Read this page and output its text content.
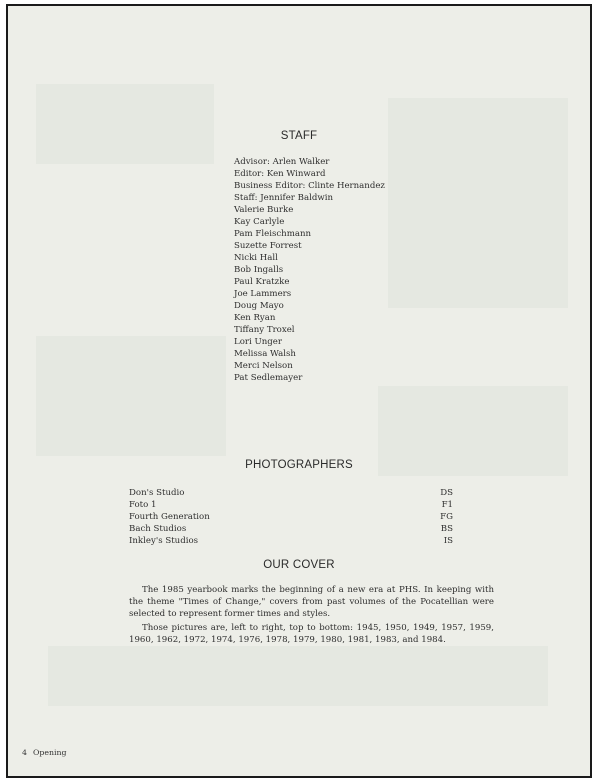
STAFF
Advisor: Arlen Walker
Editor: Ken Winward
Business Editor: Clinte Hernandez
Staff: Jennifer Baldwin
Valerie Burke
Kay Carlyle
Pam Fleischmann
Suzette Forrest
Nicki Hall
Bob Ingalls
Paul Kratzke
Joe Lammers
Doug Mayo
Ken Ryan
Tiffany Troxel
Lori Unger
Melissa Walsh
Merci Nelson
Pat Sedlemayer
PHOTOGRAPHERS
Don's Studio	DS
Foto 1	F1
Fourth Generation	FG
Bach Studios	BS
Inkley's Studios	IS
OUR COVER

The 1985 yearbook marks the beginning of a new era at PHS. In keeping with the theme "Times of Change," covers from past volumes of the Pocatellian were selected to represent former times and styles.

Those pictures are, left to right, top to bottom: 1945, 1950, 1949, 1957, 1959, 1960, 1962, 1972, 1974, 1976, 1978, 1979, 1980, 1981, 1983, and 1984.

4 Opening
